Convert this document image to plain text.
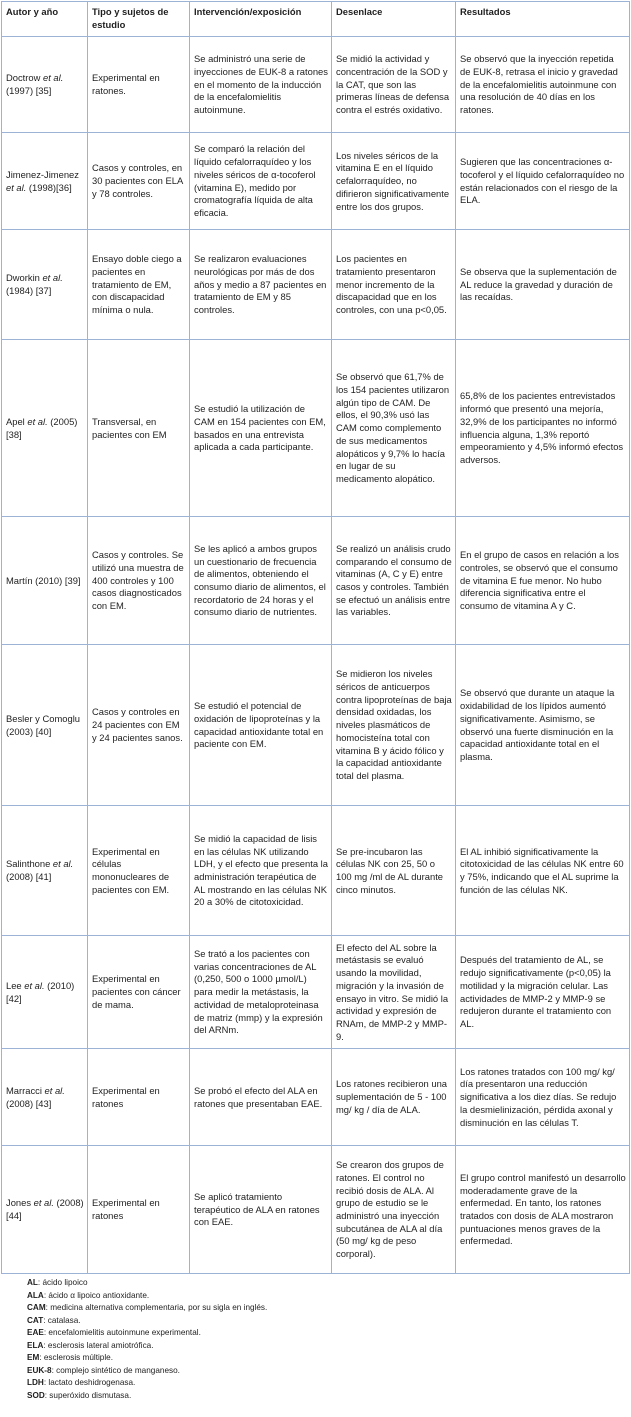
Autor y año	Tipo y sujetos de estudio	Intervención/exposición	Desenlace	Resultados
Doctrow et al. (1997) [35]	Experimental en ratones.	Se administró una serie de inyecciones de EUK-8 a ratones en el momento de la inducción de la encefalomielitis autoinmune.	Se midió la actividad y concentración de la SOD y la CAT, que son las primeras líneas de defensa contra el estrés oxidativo.	Se observó que la inyección repetida de EUK-8, retrasa el inicio y gravedad de la encefalomielitis autoinmune con una resolución de 40 días en los ratones.
Jimenez-Jimenez et al. (1998)[36]	Casos y controles, en 30 pacientes con ELA y 78 controles.	Se comparó la relación del líquido cefalorraquídeo y los niveles séricos de α-tocoferol (vitamina E), medido por cromatografía líquida de alta eficacia.	Los niveles séricos de la vitamina E en el líquido cefalorraquídeo, no difirieron significativamente entre los dos grupos.	Sugieren que las concentraciones α-tocoferol y el líquido cefalorraquídeo no están relacionados con el riesgo de la ELA.
Dworkin et al. (1984) [37]	Ensayo doble ciego a pacientes en tratamiento de EM, con discapacidad mínima o nula.	Se realizaron evaluaciones neurológicas por más de dos años y medio a 87 pacientes en tratamiento de EM y 85 controles.	Los pacientes en tratamiento presentaron menor incremento de la discapacidad que en los controles, con una p<0,05.	Se observa que la suplementación de AL reduce la gravedad y duración de las recaídas.
Apel et al. (2005) [38]	Transversal, en pacientes con EM	Se estudió la utilización de CAM en 154 pacientes con EM, basados en una entrevista aplicada a cada participante.	Se observó que 61,7% de los 154 pacientes utilizaron algún tipo de CAM. De ellos, el 90,3% usó las CAM como complemento de sus medicamentos alopáticos y 9,7% lo hacía en lugar de su medicamento alopático.	65,8% de los pacientes entrevistados informó que presentó una mejoría, 32,9% de los participantes no informó influencia alguna, 1,3% reportó empeoramiento y 4,5% informó efectos adversos.
Martín (2010) [39]	Casos y controles. Se utilizó una muestra de 400 controles y 100 casos diagnosticados con EM.	Se les aplicó a ambos grupos un cuestionario de frecuencia de alimentos, obteniendo el consumo diario de alimentos, el recordatorio de 24 horas y el consumo diario de nutrientes.	Se realizó un análisis crudo comparando el consumo de vitaminas (A, C y E) entre casos y controles. También se efectuó un análisis entre las variables.	En el grupo de casos en relación a los controles, se observó que el consumo de vitamina E fue menor. No hubo diferencia significativa entre el consumo de vitamina A y C.
Besler y Comoglu (2003) [40]	Casos y controles en 24 pacientes con EM y 24 pacientes sanos.	Se estudió el potencial de oxidación de lipoproteínas y la capacidad antioxidante total en paciente con EM.	Se midieron los niveles séricos de anticuerpos contra lipoproteínas de baja densidad oxidadas, los niveles plasmáticos de homocisteína total con vitamina B y ácido fólico y la capacidad antioxidante total del plasma.	Se observó que durante un ataque la oxidabilidad de los lípidos aumentó significativamente. Asimismo, se observó una fuerte disminución en la capacidad antioxidante total en el plasma.
Salinthone et al. (2008) [41]	Experimental en células mononucleares de pacientes con EM.	Se midió la capacidad de lisis en las células NK utilizando LDH, y el efecto que presenta la administración terapéutica de AL mostrando en las células NK 20 a 30% de citotoxicidad.	Se pre-incubaron las células NK con 25, 50 o 100 mg /ml de AL durante cinco minutos.	El AL inhibió significativamente la citotoxicidad de las células NK entre 60 y 75%, indicando que el AL suprime la función de las células NK.
Lee et al. (2010) [42]	Experimental en pacientes con cáncer de mama.	Se trató a los pacientes con varias concentraciones de AL (0,250, 500 o 1000 µmol/L) para medir la metástasis, la actividad de metaloproteinasa de matriz (mmp) y la expresión del ARNm.	El efecto del AL sobre la metástasis se evaluó usando la movilidad, migración y la invasión de ensayo in vitro. Se midió la actividad y expresión de RNAm, de MMP-2 y MMP-9.	Después del tratamiento de AL, se redujo significativamente (p<0,05) la motilidad y la migración celular. Las actividades de MMP-2 y MMP-9 se redujeron durante el tratamiento con AL.
Marracci et al. (2008) [43]	Experimental en ratones	Se probó el efecto del ALA en ratones que presentaban EAE.	Los ratones recibieron una suplementación de 5 - 100 mg/ kg / día de ALA.	Los ratones tratados con 100 mg/ kg/ día presentaron una reducción significativa a los diez días. Se redujo la desmielinización, pérdida axonal y disminución en las células T.
Jones et al. (2008) [44]	Experimental en ratones	Se aplicó tratamiento terapéutico de ALA en ratones con EAE.	Se crearon dos grupos de ratones. El control no recibió dosis de ALA. Al grupo de estudio se le administró una inyección subcutánea de ALA al día (50 mg/ kg de peso corporal).	El grupo control manifestó un desarrollo moderadamente grave de la enfermedad. En tanto, los ratones tratados con dosis de ALA mostraron puntuaciones menos graves de la enfermedad.
AL: ácido lipoico
ALA: ácido α lipoico antioxidante.
CAM: medicina alternativa complementaria, por su sigla en inglés.
CAT: catalasa.
EAE: encefalomielitis autoinmune experimental.
ELA: esclerosis lateral amiotrófica.
EM: esclerosis múltiple.
EUK-8: complejo sintético de manganeso.
LDH: lactato deshidrogenasa.
SOD: superóxido dismutasa.
